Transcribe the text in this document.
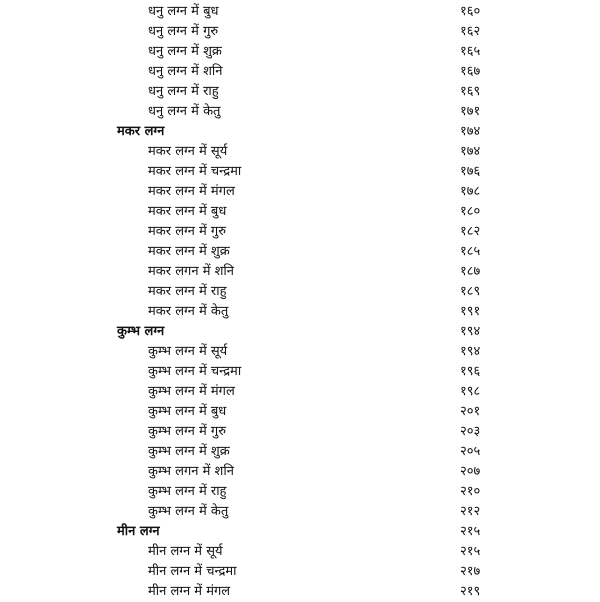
धनु लग्न में बुध	१६०
धनु लग्न में गुरु	१६२
धनु लग्न में शुक्र	१६५
धनु लग्न में शनि	१६७
धनु लग्न में राहु	१६९
धनु लग्न में केतु	१७१
मकर लग्न	१७४
मकर लग्न में सूर्य	१७४
मकर लग्न में चन्द्रमा	१७६
मकर लग्न में मंगल	१७८
मकर लग्न में बुध	१८०
मकर लग्न में गुरु	१८२
मकर लग्न में शुक्र	१८५
मकर लगन में शनि	१८७
मकर लग्न में राहु	१८९
मकर लग्न में केतु	१९१
कुम्भ लग्न	१९४
कुम्भ लग्न में सूर्य	१९४
कुम्भ लग्न में चन्द्रमा	१९६
कुम्भ लग्न में मंगल	१९८
कुम्भ लग्न में बुध	२०१
कुम्भ लग्न में गुरु	२०३
कुम्भ लग्न में शुक्र	२०५
कुम्भ लगन में शनि	२०७
कुम्भ लग्न में राहु	२१०
कुम्भ लग्न में केतु	२१२
मीन लग्न	२१५
मीन लग्न में सूर्य	२१५
मीन लग्न में चन्द्रमा	२१७
मीन लग्न में मंगल	२१९
